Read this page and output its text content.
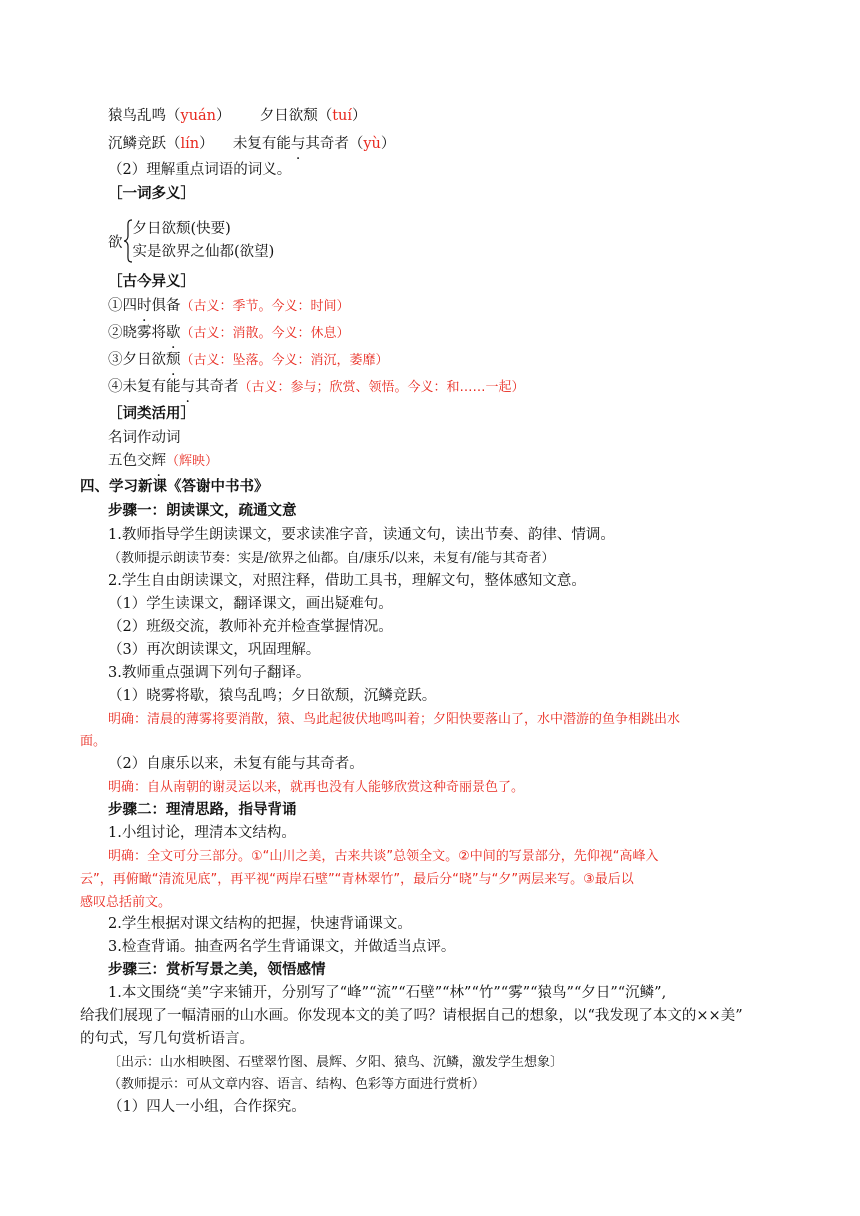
猿鸟乱鸣（yuán） 夕日欲颓（tuí）
沉鳞竞跃（lín） 未复有能与其奇者（yù）
（2）理解重点词语的词义。
［一词多义］
欲
夕日欲颓(快要)
实是欲界之仙都(欲望)
［古今异义］
①四时俱备（古义：季节。今义：时间）
②晓雾将歇（古义：消散。今义：休息）
③夕日欲颓（古义：坠落。今义：消沉，萎靡）
④未复有能与其奇者（古义：参与；欣赏、领悟。今义：和……一起）
［词类活用］
名词作动词
五色交辉（辉映）
四、学习新课《答谢中书书》
步骤一：朗读课文，疏通文意
1.教师指导学生朗读课文，要求读准字音，读通文句，读出节奏、韵律、情调。
（教师提示朗读节奏：实是/欲界之仙都。自/康乐/以来，未复有/能与其奇者）
2.学生自由朗读课文，对照注释，借助工具书，理解文句，整体感知文意。
（1）学生读课文，翻译课文，画出疑难句。
（2）班级交流，教师补充并检查掌握情况。
（3）再次朗读课文，巩固理解。
3.教师重点强调下列句子翻译。
（1）晓雾将歇，猿鸟乱鸣；夕日欲颓，沉鳞竞跃。
明确：清晨的薄雾将要消散，猿、鸟此起彼伏地鸣叫着；夕阳快要落山了，水中潜游的鱼争相跳出水
面。
（2）自康乐以来，未复有能与其奇者。
明确：自从南朝的谢灵运以来，就再也没有人能够欣赏这种奇丽景色了。
步骤二：理清思路，指导背诵
1.小组讨论，理清本文结构。
明确：全文可分三部分。①“山川之美，古来共谈”总领全文。②中间的写景部分，先仰视“高峰入
云”，再俯瞰“清流见底”，再平视“两岸石壁”“青林翠竹”，最后分“晓”与“夕”两层来写。③最后以
感叹总括前文。
2.学生根据对课文结构的把握，快速背诵课文。
3.检查背诵。抽查两名学生背诵课文，并做适当点评。
步骤三：赏析写景之美，领悟感情
1.本文围绕“美”字来铺开，分别写了“峰”“流”“石壁”“林”“竹”“雾”“猿鸟”“夕日”“沉鳞”,
给我们展现了一幅清丽的山水画。你发现本文的美了吗？请根据自己的想象，以“我发现了本文的××美”
的句式，写几句赏析语言。
〔出示：山水相映图、石壁翠竹图、晨辉、夕阳、猿鸟、沉鳞，激发学生想象〕
（教师提示：可从文章内容、语言、结构、色彩等方面进行赏析）
（1）四人一小组，合作探究。
